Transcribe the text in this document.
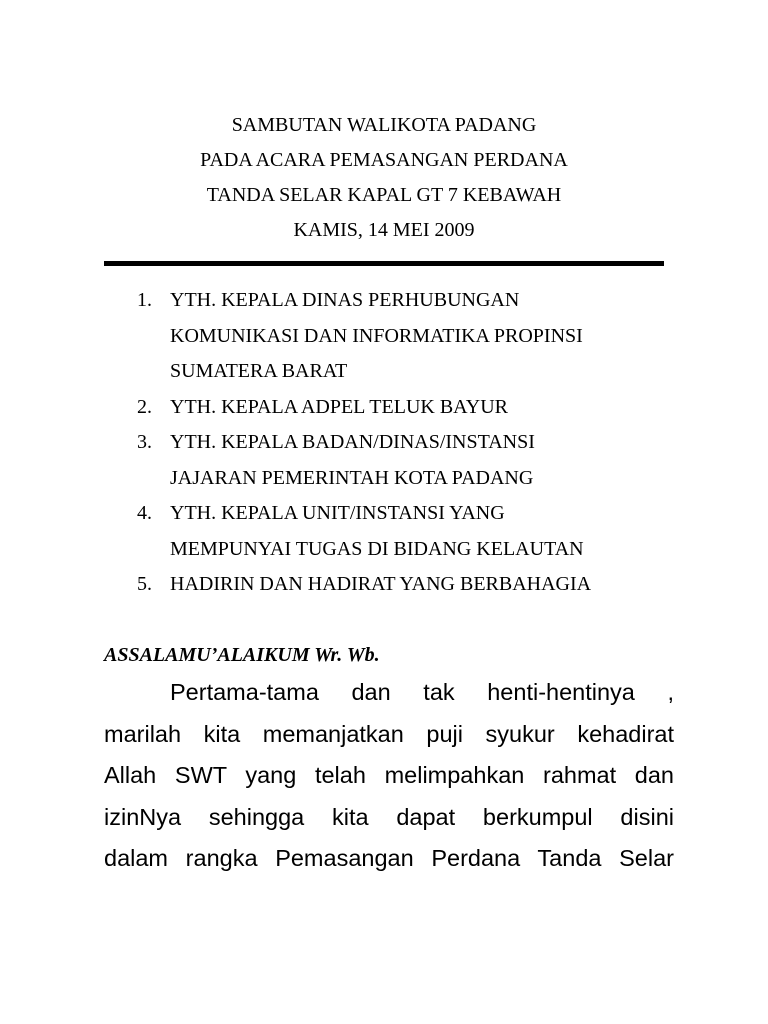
SAMBUTAN WALIKOTA PADANG
PADA ACARA PEMASANGAN PERDANA
TANDA SELAR KAPAL GT 7 KEBAWAH
KAMIS, 14 MEI 2009
1. YTH. KEPALA DINAS PERHUBUNGAN
KOMUNIKASI DAN INFORMATIKA PROPINSI
SUMATERA BARAT
2. YTH. KEPALA ADPEL TELUK BAYUR
3. YTH. KEPALA BADAN/DINAS/INSTANSI
JAJARAN PEMERINTAH KOTA PADANG
4. YTH. KEPALA UNIT/INSTANSI YANG
MEMPUNYAI TUGAS DI BIDANG KELAUTAN
5. HADIRIN DAN HADIRAT YANG BERBAHAGIA
ASSALAMU’ALAIKUM Wr. Wb.
Pertama-tama dan tak henti-hentinya ,
marilah kita memanjatkan puji syukur kehadirat
Allah SWT yang telah melimpahkan rahmat dan
izinNya sehingga kita dapat berkumpul disini
dalam rangka Pemasangan Perdana Tanda Selar
